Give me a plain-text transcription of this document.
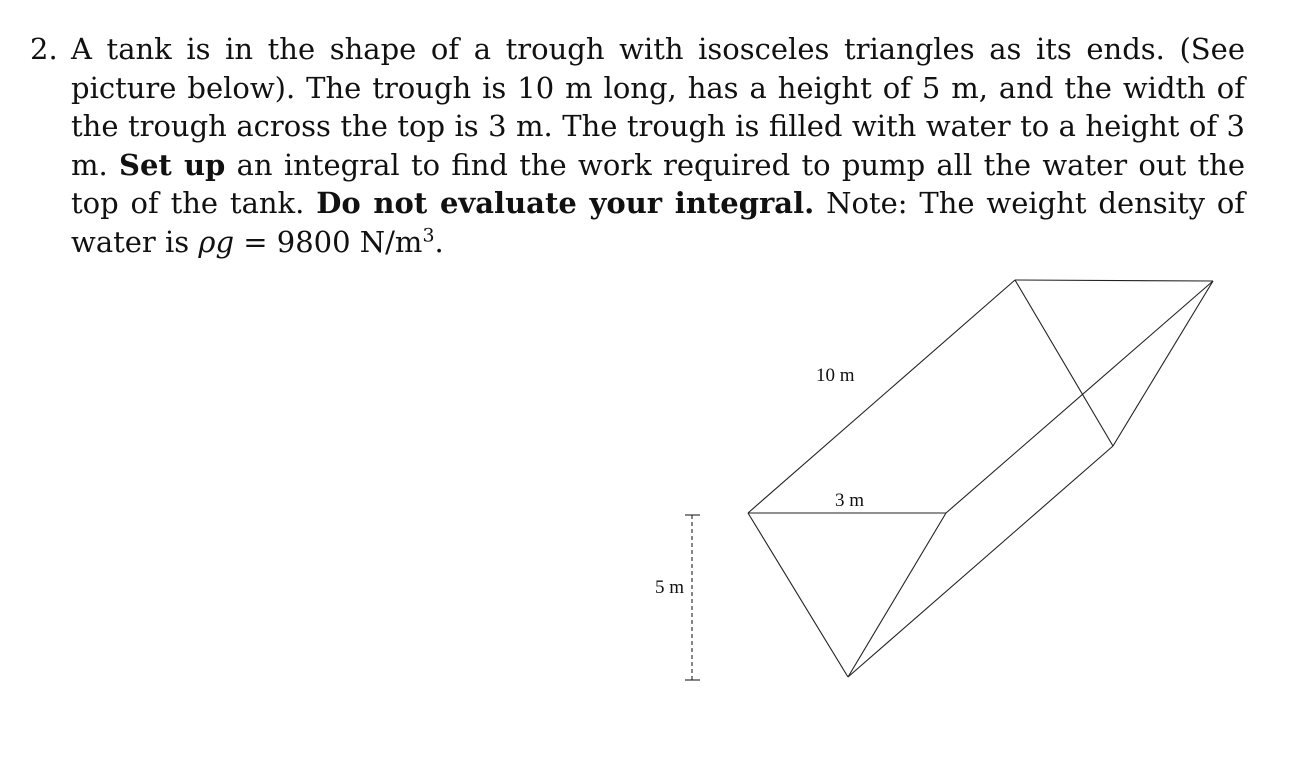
2. A tank is in the shape of a trough with isosceles triangles as its ends. (See picture below). The trough is 10 m long, has a height of 5 m, and the width of the trough across the top is 3 m. The trough is filled with water to a height of 3 m. Set up an integral to find the work required to pump all the water out the top of the tank. Do not evaluate your integral. Note: The weight density of water is ρg = 9800 $N/m^3$.
10 m
3 m
5 m
